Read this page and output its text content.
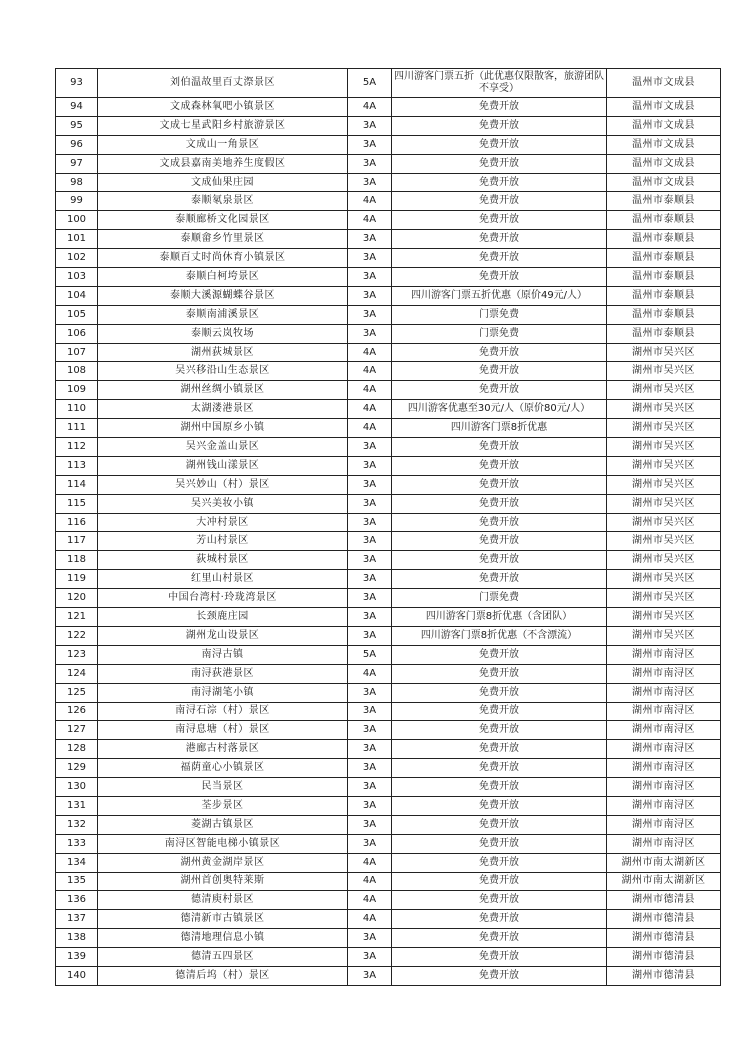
93	刘伯温故里百丈漈景区	5A	四川游客门票五折（此优惠仅限散客，旅游团队不享受）	温州市文成县
94	文成森林氧吧小镇景区	4A	免费开放	温州市文成县
95	文成七星武阳乡村旅游景区	3A	免费开放	温州市文成县
96	文成山一角景区	3A	免费开放	温州市文成县
97	文成县嘉南美地养生度假区	3A	免费开放	温州市文成县
98	文成仙果庄园	3A	免费开放	温州市文成县
99	泰顺氡泉景区	4A	免费开放	温州市泰顺县
100	泰顺廊桥文化园景区	4A	免费开放	温州市泰顺县
101	泰顺畲乡竹里景区	3A	免费开放	温州市泰顺县
102	泰顺百丈时尚休育小镇景区	3A	免费开放	温州市泰顺县
103	泰顺白柯垮景区	3A	免费开放	温州市泰顺县
104	泰顺大溪源蝴蝶谷景区	3A	四川游客门票五折优惠（原价49元/人）	温州市泰顺县
105	泰顺南浦溪景区	3A	门票免费	温州市泰顺县
106	泰顺云岚牧场	3A	门票免费	温州市泰顺县
107	湖州荻城景区	4A	免费开放	湖州市吴兴区
108	吴兴移沿山生态景区	4A	免费开放	湖州市吴兴区
109	湖州丝绸小镇景区	4A	免费开放	湖州市吴兴区
110	太湖溇港景区	4A	四川游客优惠至30元/人（原价80元/人）	湖州市吴兴区
111	湖州中国原乡小镇	4A	四川游客门票8折优惠	湖州市吴兴区
112	吴兴金盖山景区	3A	免费开放	湖州市吴兴区
113	湖州钱山漾景区	3A	免费开放	湖州市吴兴区
114	吴兴妙山（村）景区	3A	免费开放	湖州市吴兴区
115	吴兴美妆小镇	3A	免费开放	湖州市吴兴区
116	大冲村景区	3A	免费开放	湖州市吴兴区
117	芳山村景区	3A	免费开放	湖州市吴兴区
118	荻城村景区	3A	免费开放	湖州市吴兴区
119	红里山村景区	3A	免费开放	湖州市吴兴区
120	中国台湾村·玲珑湾景区	3A	门票免费	湖州市吴兴区
121	长颈鹿庄园	3A	四川游客门票8折优惠（含团队）	湖州市吴兴区
122	湖州龙山设景区	3A	四川游客门票8折优惠（不含漂流）	湖州市吴兴区
123	南浔古镇	5A	免费开放	湖州市南浔区
124	南浔荻港景区	4A	免费开放	湖州市南浔区
125	南浔湖笔小镇	3A	免费开放	湖州市南浔区
126	南浔石淙（村）景区	3A	免费开放	湖州市南浔区
127	南浔息塘（村）景区	3A	免费开放	湖州市南浔区
128	港廊古村落景区	3A	免费开放	湖州市南浔区
129	福荫童心小镇景区	3A	免费开放	湖州市南浔区
130	民当景区	3A	免费开放	湖州市南浔区
131	荃步景区	3A	免费开放	湖州市南浔区
132	菱湖古镇景区	3A	免费开放	湖州市南浔区
133	南浔区智能电梯小镇景区	3A	免费开放	湖州市南浔区
134	湖州黄金湖岸景区	4A	免费开放	湖州市南太湖新区
135	湖州首创奥特莱斯	4A	免费开放	湖州市南太湖新区
136	德清庾村景区	4A	免费开放	湖州市德清县
137	德清新市古镇景区	4A	免费开放	湖州市德清县
138	德清地理信息小镇	3A	免费开放	湖州市德清县
139	德清五四景区	3A	免费开放	湖州市德清县
140	德清后坞（村）景区	3A	免费开放	湖州市德清县
